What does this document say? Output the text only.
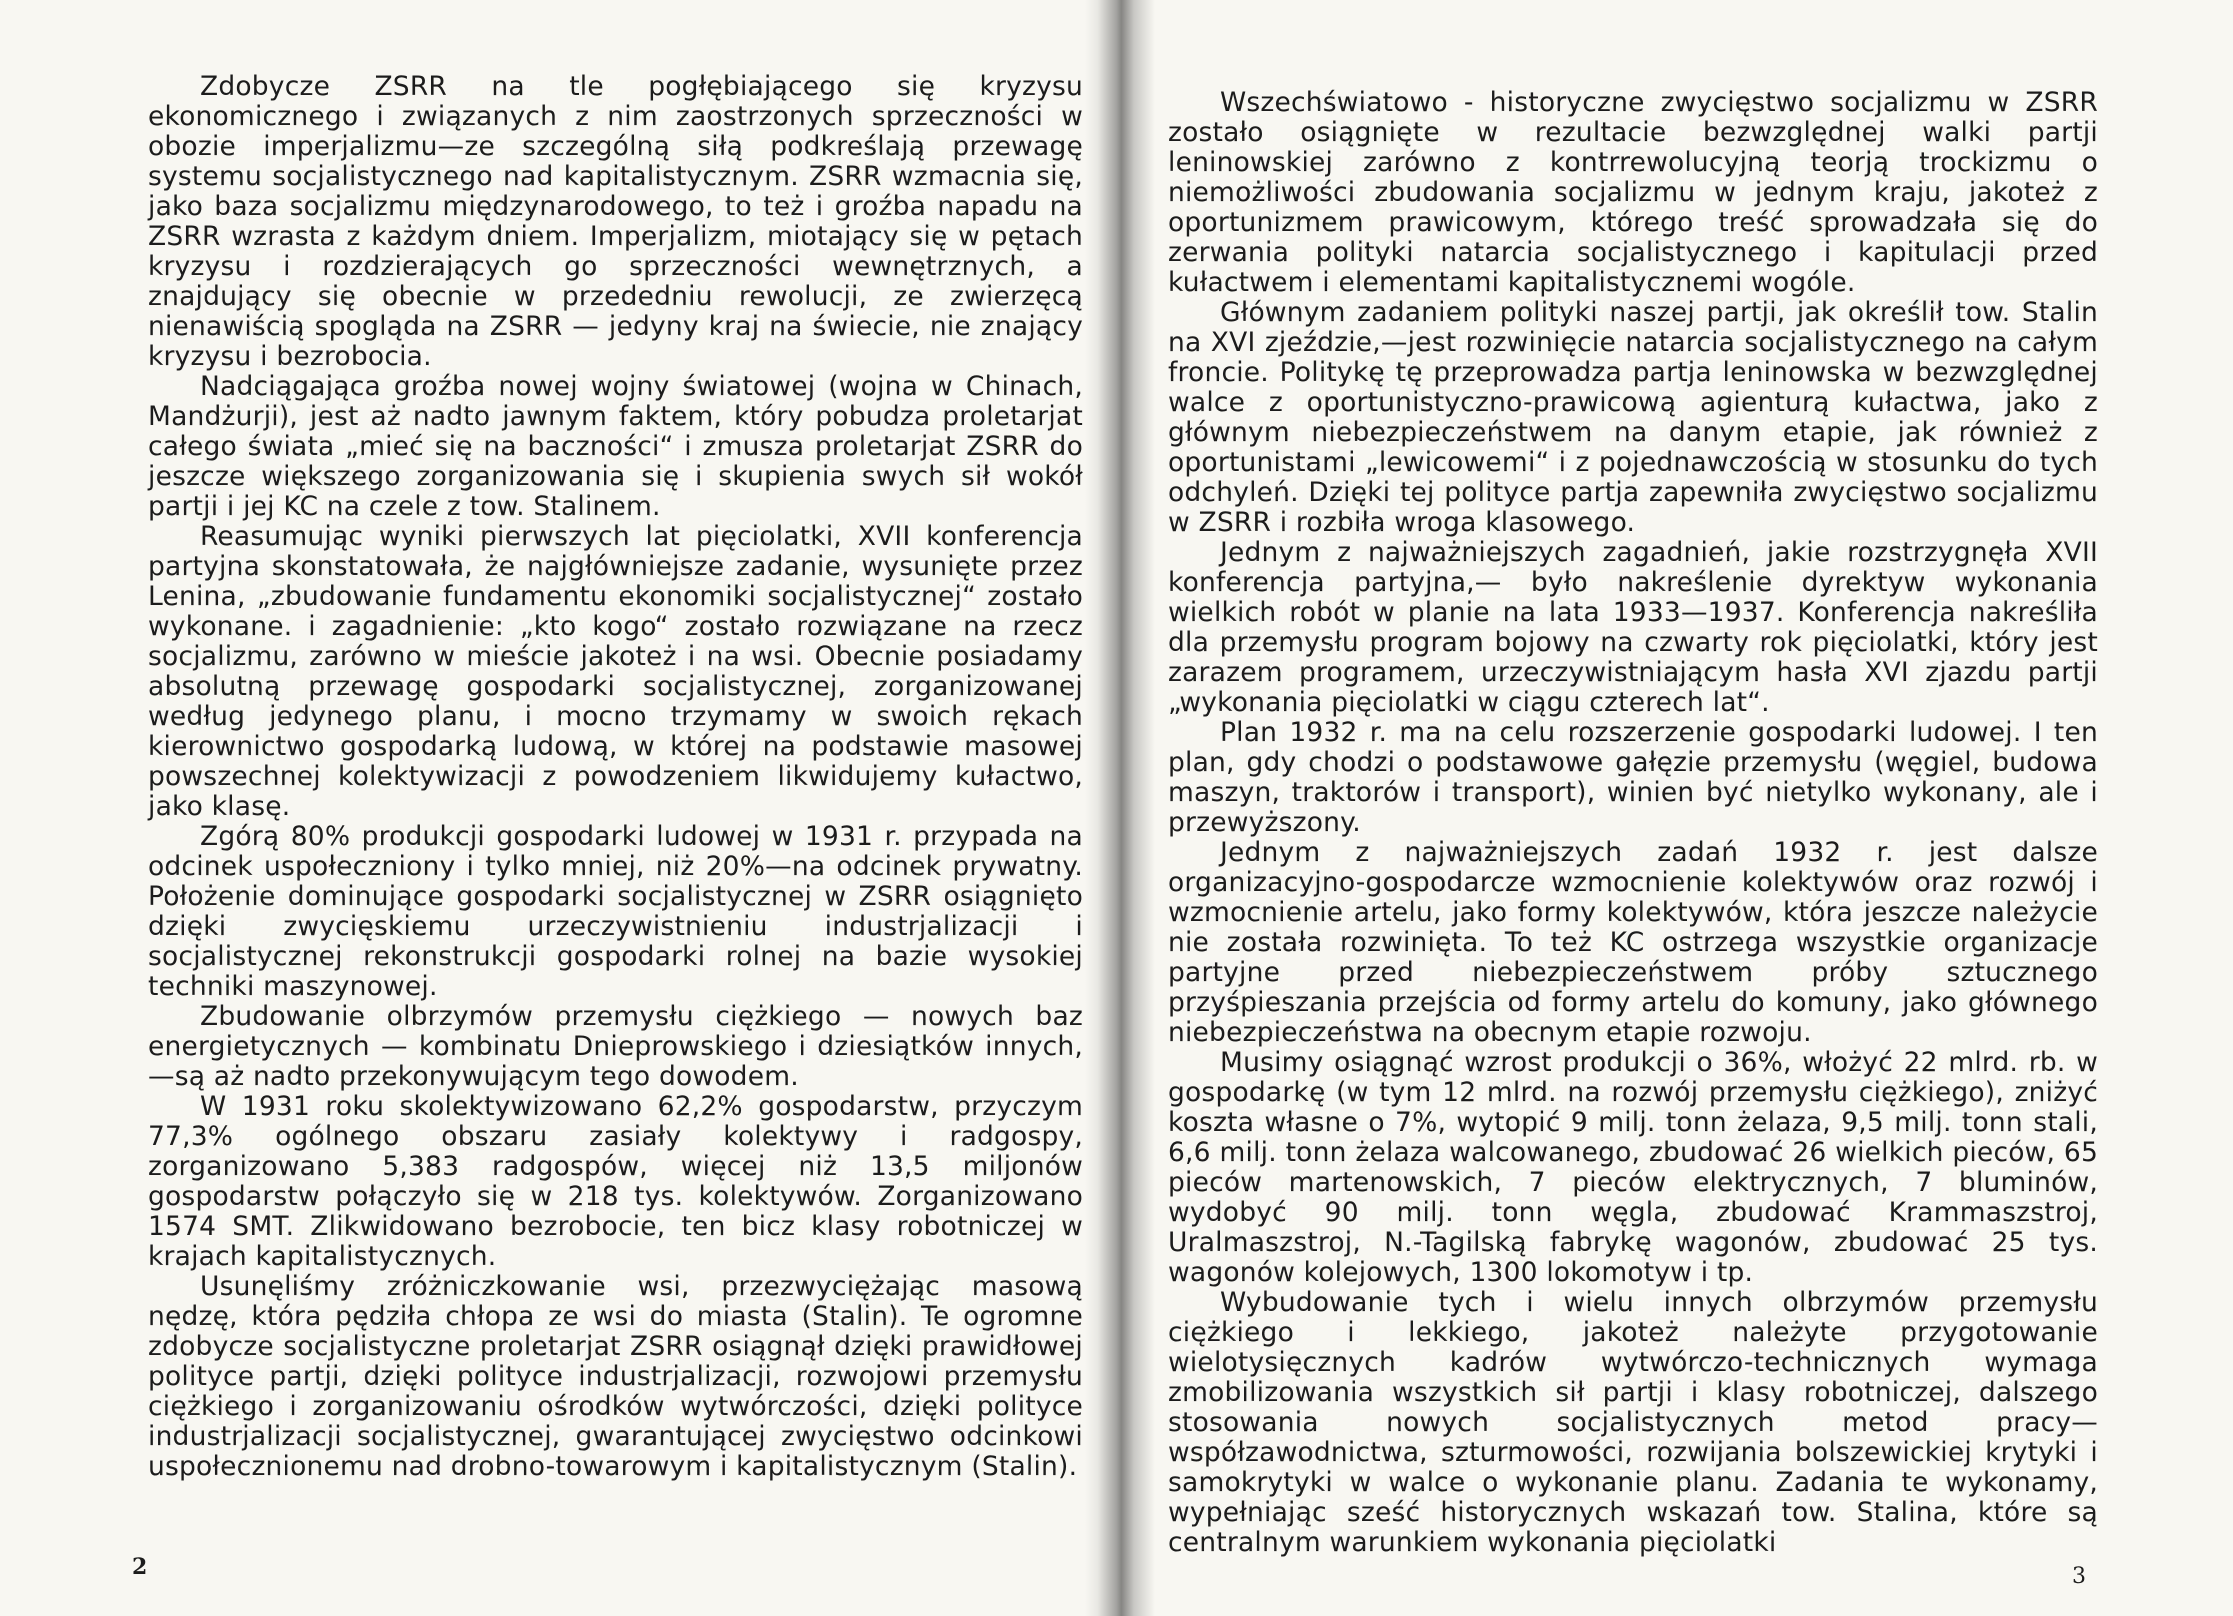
Zdobycze ZSRR na tle pogłębiającego się kryzysu ekonomicznego i związanych z nim zaostrzonych sprzeczności w obozie imperjalizmu—ze szczególną siłą podkreślają przewagę systemu socjalistycznego nad kapitalistycznym. ZSRR wzmacnia się, jako baza socjalizmu międzynarodowego, to też i groźba napadu na ZSRR wzrasta z każdym dniem. Imperjalizm, miotający się w pętach kryzysu i rozdzierających go sprzeczności wewnętrznych, a znajdujący się obecnie w przededniu rewolucji, ze zwierzęcą nienawiścią spogląda na ZSRR — jedyny kraj na świecie, nie znający kryzysu i bezrobocia.

Nadciągająca groźba nowej wojny światowej (wojna w Chinach, Mandżurji), jest aż nadto jawnym faktem, który pobudza proletarjat całego świata „mieć się na baczności“ i zmusza proletarjat ZSRR do jeszcze większego zorganizowania się i skupienia swych sił wokół partji i jej KC na czele z tow. Stalinem.

Reasumując wyniki pierwszych lat pięciolatki, XVII konferencja partyjna skonstatowała, że najgłówniejsze zadanie, wysunięte przez Lenina, „zbudowanie fundamentu ekonomiki socjalistycznej“ zostało wykonane. i zagadnienie: „kto kogo“ zostało rozwiązane na rzecz socjalizmu, zarówno w mieście jakoteż i na wsi. Obecnie posiadamy absolutną przewagę gospodarki socjalistycznej, zorganizowanej według jedynego planu, i mocno trzymamy w swoich rękach kierownictwo gospodarką ludową, w której na podstawie masowej powszechnej kolektywizacji z powodzeniem likwidujemy kułactwo, jako klasę.

Zgórą 80% produkcji gospodarki ludowej w 1931 r. przypada na odcinek uspołeczniony i tylko mniej, niż 20%—na odcinek prywatny. Położenie dominujące gospodarki socjalistycznej w ZSRR osiągnięto dzięki zwycięskiemu urzeczywistnieniu industrjalizacji i socjalistycznej rekonstrukcji gospodarki rolnej na bazie wysokiej techniki maszynowej.

Zbudowanie olbrzymów przemysłu ciężkiego — nowych baz energietycznych — kombinatu Dnieprowskiego i dziesiątków innych,—są aż nadto przekonywującym tego dowodem.

W 1931 roku skolektywizowano 62,2% gospodarstw, przyczym 77,3% ogólnego obszaru zasiały kolektywy i radgospy, zorganizowano 5,383 radgospów, więcej niż 13,5 miljonów gospodarstw połączyło się w 218 tys. kolektywów. Zorganizowano 1574 SMT. Zlikwidowano bezrobocie, ten bicz klasy robotniczej w krajach kapitalistycznych.

Usunęliśmy zróżniczkowanie wsi, przezwyciężając masową nędzę, która pędziła chłopa ze wsi do miasta (Stalin). Te ogromne zdobycze socjalistyczne proletarjat ZSRR osiągnął dzięki prawidłowej polityce partji, dzięki polityce industrjalizacji, rozwojowi przemysłu ciężkiego i zorganizowaniu ośrodków wytwórczości, dzięki polityce industrjalizacji socjalistycznej, gwarantującej zwycięstwo odcinkowi uspołecznionemu nad drobno-towarowym i kapitalistycznym (Stalin).

2

Wszechświatowo - historyczne zwycięstwo socjalizmu w ZSRR zostało osiągnięte w rezultacie bezwzględnej walki partji leninowskiej zarówno z kontrrewolucyjną teorją trockizmu o niemożliwości zbudowania socjalizmu w jednym kraju, jakoteż z oportunizmem prawicowym, którego treść sprowadzała się do zerwania polityki natarcia socjalistycznego i kapitulacji przed kułactwem i elementami kapitalistycznemi wogóle.

Głównym zadaniem polityki naszej partji, jak określił tow. Stalin na XVI zjeździe,—jest rozwinięcie natarcia socjalistycznego na całym froncie. Politykę tę przeprowadza partja leninowska w bezwzględnej walce z oportunistyczno-prawicową agienturą kułactwa, jako z głównym niebezpieczeństwem na danym etapie, jak również z oportunistami „lewicowemi“ i z pojednawczością w stosunku do tych odchyleń. Dzięki tej polityce partja zapewniła zwycięstwo socjalizmu w ZSRR i rozbiła wroga klasowego.

Jednym z najważniejszych zagadnień, jakie rozstrzygnęła XVII konferencja partyjna,— było nakreślenie dyrektyw wykonania wielkich robót w planie na lata 1933—1937. Konferencja nakreśliła dla przemysłu program bojowy na czwarty rok pięciolatki, który jest zarazem programem, urzeczywistniającym hasła XVI zjazdu partji „wykonania pięciolatki w ciągu czterech lat“.

Plan 1932 r. ma na celu rozszerzenie gospodarki ludowej. I ten plan, gdy chodzi o podstawowe gałęzie przemysłu (węgiel, budowa maszyn, traktorów i transport), winien być nietylko wykonany, ale i przewyższony.

Jednym z najważniejszych zadań 1932 r. jest dalsze organizacyjno-gospodarcze wzmocnienie kolektywów oraz rozwój i wzmocnienie artelu, jako formy kolektywów, która jeszcze należycie nie została rozwinięta. To też KC ostrzega wszystkie organizacje partyjne przed niebezpieczeństwem próby sztucznego przyśpieszania przejścia od formy artelu do komuny, jako głównego niebezpieczeństwa na obecnym etapie rozwoju.

Musimy osiągnąć wzrost produkcji o 36%, włożyć 22 mlrd. rb. w gospodarkę (w tym 12 mlrd. na rozwój przemysłu ciężkiego), zniżyć koszta własne o 7%, wytopić 9 milj. tonn żelaza, 9,5 milj. tonn stali, 6,6 milj. tonn żelaza walcowanego, zbudować 26 wielkich pieców, 65 pieców martenowskich, 7 pieców elektrycznych, 7 bluminów, wydobyć 90 milj. tonn węgla, zbudować Krammaszstroj, Uralmaszstroj, N.-Tagilską fabrykę wagonów, zbudować 25 tys. wagonów kolejowych, 1300 lokomotyw i tp.

Wybudowanie tych i wielu innych olbrzymów przemysłu ciężkiego i lekkiego, jakoteż należyte przygotowanie wielotysięcznych kadrów wytwórczo-technicznych wymaga zmobilizowania wszystkich sił partji i klasy robotniczej, dalszego stosowania nowych socjalistycznych metod pracy—współzawodnictwa, szturmowości, rozwijania bolszewickiej krytyki i samokrytyki w walce o wykonanie planu. Zadania te wykonamy, wypełniając sześć historycznych wskazań tow. Stalina, które są centralnym warunkiem wykonania pięciolatki

3
